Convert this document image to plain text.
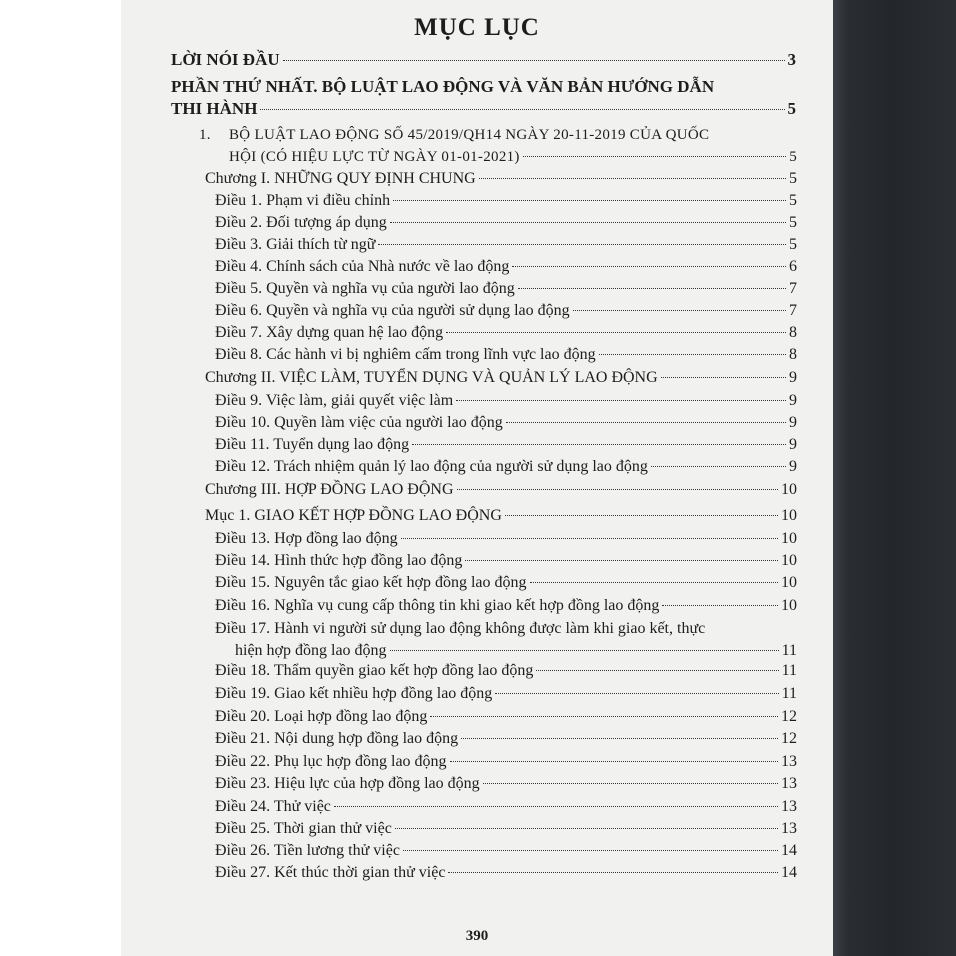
MỤC LỤC
LỜI NÓI ĐẦU	3
PHẦN THỨ NHẤT. BỘ LUẬT LAO ĐỘNG VÀ VĂN BẢN HƯỚNG DẪN
THI HÀNH	5
1.	BỘ LUẬT LAO ĐỘNG SỐ 45/2019/QH14 NGÀY 20-11-2019 CỦA QUỐC
HỘI (CÓ HIỆU LỰC TỪ NGÀY 01-01-2021)	5
Chương I. NHỮNG QUY ĐỊNH CHUNG	5
Điều 1. Phạm vi điều chỉnh	5
Điều 2. Đối tượng áp dụng	5
Điều 3. Giải thích từ ngữ	5
Điều 4. Chính sách của Nhà nước về lao động	6
Điều 5. Quyền và nghĩa vụ của người lao động	7
Điều 6. Quyền và nghĩa vụ của người sử dụng lao động	7
Điều 7. Xây dựng quan hệ lao động	8
Điều 8. Các hành vi bị nghiêm cấm trong lĩnh vực lao động	8
Chương II. VIỆC LÀM, TUYỂN DỤNG VÀ QUẢN LÝ LAO ĐỘNG	9
Điều 9. Việc làm, giải quyết việc làm	9
Điều 10. Quyền làm việc của người lao động	9
Điều 11. Tuyển dụng lao động	9
Điều 12. Trách nhiệm quản lý lao động của người sử dụng lao động	9
Chương III. HỢP ĐỒNG LAO ĐỘNG	10
Mục 1. GIAO KẾT HỢP ĐỒNG LAO ĐỘNG	10
Điều 13. Hợp đồng lao động	10
Điều 14. Hình thức hợp đồng lao động	10
Điều 15. Nguyên tắc giao kết hợp đồng lao động	10
Điều 16. Nghĩa vụ cung cấp thông tin khi giao kết hợp đồng lao động	10
Điều 17. Hành vi người sử dụng lao động không được làm khi giao kết, thực
hiện hợp đồng lao động	11
Điều 18. Thẩm quyền giao kết hợp đồng lao động	11
Điều 19. Giao kết nhiều hợp đồng lao động	11
Điều 20. Loại hợp đồng lao động	12
Điều 21. Nội dung hợp đồng lao động	12
Điều 22. Phụ lục hợp đồng lao động	13
Điều 23. Hiệu lực của hợp đồng lao động	13
Điều 24. Thử việc	13
Điều 25. Thời gian thử việc	13
Điều 26. Tiền lương thử việc	14
Điều 27. Kết thúc thời gian thử việc	14
390
